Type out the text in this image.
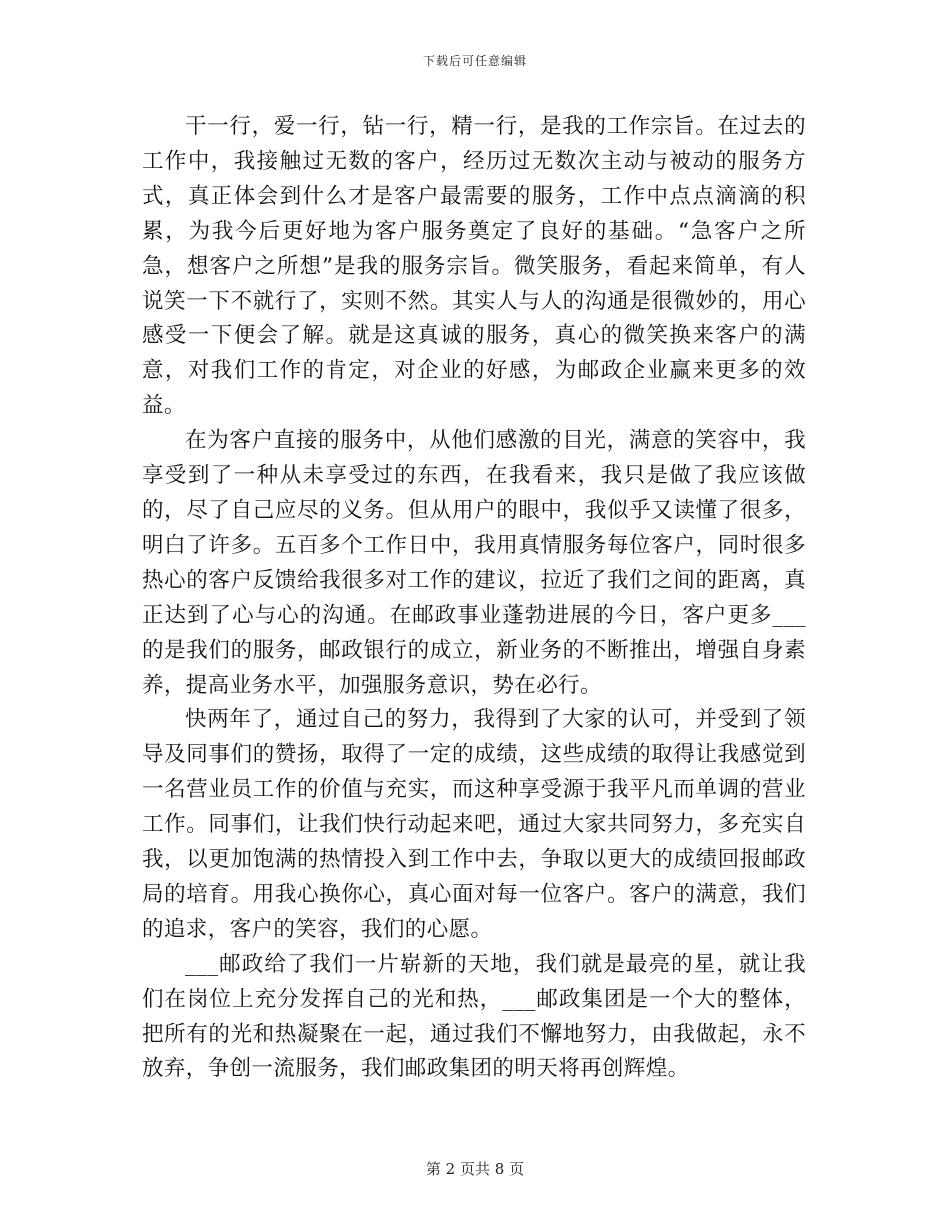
下载后可任意编辑

干一行，爱一行，钻一行，精一行，是我的工作宗旨。在过去的工作中，我接触过无数的客户，经历过无数次主动与被动的服务方式，真正体会到什么才是客户最需要的服务，工作中点点滴滴的积累，为我今后更好地为客户服务奠定了良好的基础。“急客户之所急，想客户之所想”是我的服务宗旨。微笑服务，看起来简单，有人说笑一下不就行了，实则不然。其实人与人的沟通是很微妙的，用心感受一下便会了解。就是这真诚的服务，真心的微笑换来客户的满意，对我们工作的肯定，对企业的好感，为邮政企业赢来更多的效益。

在为客户直接的服务中，从他们感激的目光，满意的笑容中，我享受到了一种从未享受过的东西，在我看来，我只是做了我应该做的，尽了自己应尽的义务。但从用户的眼中，我似乎又读懂了很多，明白了许多。五百多个工作日中，我用真情服务每位客户，同时很多热心的客户反馈给我很多对工作的建议，拉近了我们之间的距离，真正达到了心与心的沟通。在邮政事业蓬勃进展的今日，客户更多___的是我们的服务，邮政银行的成立，新业务的不断推出，增强自身素养，提高业务水平，加强服务意识，势在必行。

快两年了，通过自己的努力，我得到了大家的认可，并受到了领导及同事们的赞扬，取得了一定的成绩，这些成绩的取得让我感觉到一名营业员工作的价值与充实，而这种享受源于我平凡而单调的营业工作。同事们，让我们快行动起来吧，通过大家共同努力，多充实自我，以更加饱满的热情投入到工作中去，争取以更大的成绩回报邮政局的培育。用我心换你心，真心面对每一位客户。客户的满意，我们的追求，客户的笑容，我们的心愿。

___邮政给了我们一片崭新的天地，我们就是最亮的星，就让我们在岗位上充分发挥自己的光和热，___邮政集团是一个大的整体，把所有的光和热凝聚在一起，通过我们不懈地努力，由我做起，永不放弃，争创一流服务，我们邮政集团的明天将再创辉煌。

第 2 页共 8 页
